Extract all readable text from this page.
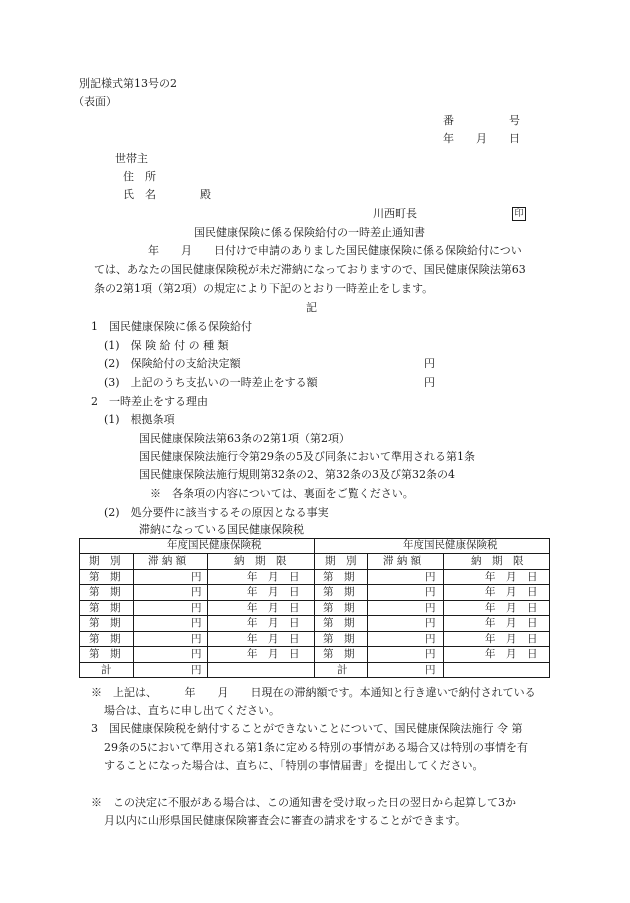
別記様式第13号の2
（表面）
番　　　　　号
年　　月　　日
世帯主
住　所
氏　名　　　　殿
川西町長	印
国民健康保険に係る保険給付の一時差止通知書
年　　月　　日付けで申請のありました国民健康保険に係る保険給付につい
ては、あなたの国民健康保険税が未だ滞納になっておりますので、国民健康保険法第63
条の2第1項（第2項）の規定により下記のとおり一時差止をします。
記
1　国民健康保険に係る保険給付
(1)　保 険 給 付 の 種 類
(2)　保険給付の支給決定額	円
(3)　上記のうち支払いの一時差止をする額	円
2　一時差止をする理由
(1)　根拠条項
国民健康保険法第63条の2第1項（第2項）
国民健康保険法施行令第29条の5及び同条において準用される第1条
国民健康保険法施行規則第32条の2、第32条の3及び第32条の4
※　各条項の内容については、裏面をご覧ください。
(2)　処分要件に該当するその原因となる事実
滞納になっている国民健康保険税
年度国民健康保険税	年度国民健康保険税
期　別	滞 納 額	納　期　限	期　別	滞 納 額	納　期　限
第　期	円	年　月　日 第　期	円	年　月　日
第　期	円	年　月　日 第　期	円	年　月　日
第　期	円	年　月　日 第　期	円	年　月　日
第　期	円	年　月　日 第　期	円	年　月　日
第　期	円	年　月　日 第　期	円	年　月　日
第　期	円	年　月　日 第　期	円	年　月　日
計	円	計	円
※　上記は、　　　年　　月　　日現在の滞納額です。本通知と行き違いで納付されている
場合は、直ちに申し出てください。
3　国民健康保険税を納付することができないことについて、国民健康保険法施行 令 第
29条の5において準用される第1条に定める特別の事情がある場合又は特別の事情を有
することになった場合は、直ちに、「特別の事情届書」を提出してください。
※　この決定に不服がある場合は、この通知書を受け取った日の翌日から起算して3か
月以内に山形県国民健康保険審査会に審査の請求をすることができます。
